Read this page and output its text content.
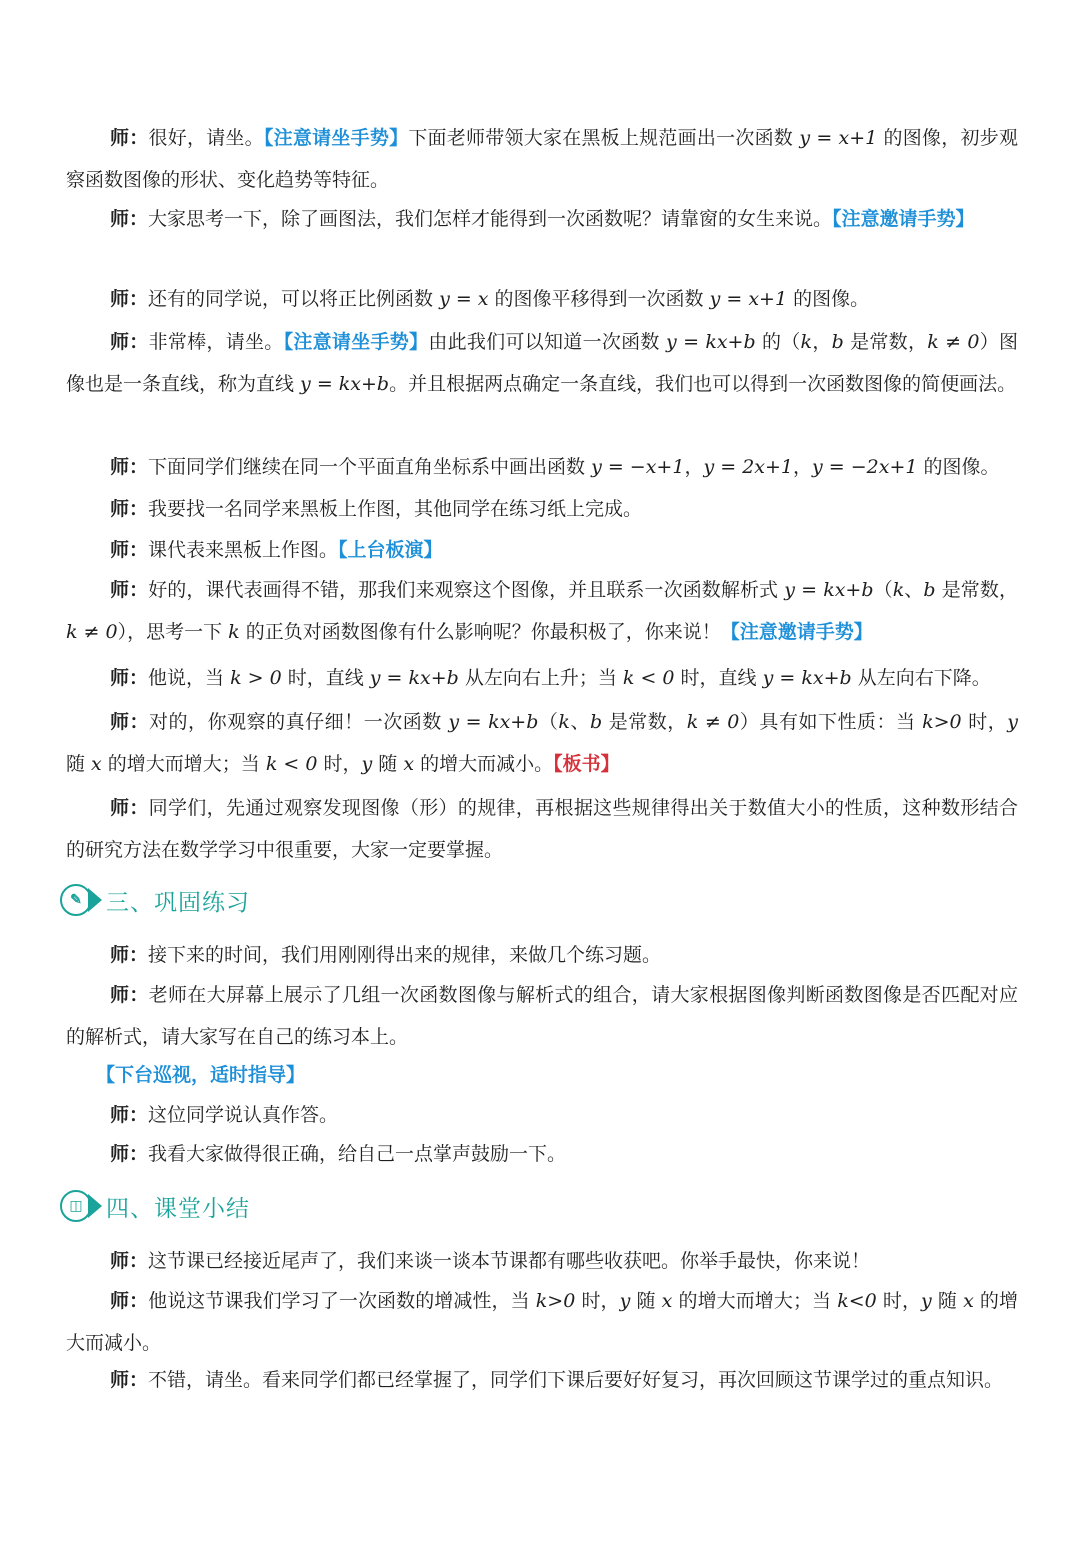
师：很好，请坐。【注意请坐手势】下面老师带领大家在黑板上规范画出一次函数 y = x+1 的图像，初步观察函数图像的形状、变化趋势等特征。

师：大家思考一下，除了画图法，我们怎样才能得到一次函数呢？请靠窗的女生来说。【注意邀请手势】

师：还有的同学说，可以将正比例函数 y = x 的图像平移得到一次函数 y = x+1 的图像。

师：非常棒，请坐。【注意请坐手势】由此我们可以知道一次函数 y = kx+b 的（k，b 是常数，k ≠ 0）图像也是一条直线，称为直线 y = kx+b。并且根据两点确定一条直线，我们也可以得到一次函数图像的简便画法。

师：下面同学们继续在同一个平面直角坐标系中画出函数 y = −x+1，y = 2x+1，y = −2x+1 的图像。

师：我要找一名同学来黑板上作图，其他同学在练习纸上完成。

师：课代表来黑板上作图。【上台板演】

师：好的，课代表画得不错，那我们来观察这个图像，并且联系一次函数解析式 y = kx+b（k、b 是常数，k ≠ 0），思考一下 k 的正负对函数图像有什么影响呢？你最积极了，你来说！【注意邀请手势】

师：他说，当 k > 0 时，直线 y = kx+b 从左向右上升；当 k < 0 时，直线 y = kx+b 从左向右下降。

师：对的，你观察的真仔细！一次函数 y = kx+b（k、b 是常数，k ≠ 0）具有如下性质：当 k>0 时，y 随 x 的增大而增大；当 k < 0 时，y 随 x 的增大而减小。【板书】

师：同学们，先通过观察发现图像（形）的规律，再根据这些规律得出关于数值大小的性质，这种数形结合的研究方法在数学学习中很重要，大家一定要掌握。

✎	三、巩固练习

师：接下来的时间，我们用刚刚得出来的规律，来做几个练习题。

师：老师在大屏幕上展示了几组一次函数图像与解析式的组合，请大家根据图像判断函数图像是否匹配对应的解析式，请大家写在自己的练习本上。

【下台巡视，适时指导】

师：这位同学说认真作答。

师：我看大家做得很正确，给自己一点掌声鼓励一下。

◫	四、课堂小结

师：这节课已经接近尾声了，我们来谈一谈本节课都有哪些收获吧。你举手最快，你来说！

师：他说这节课我们学习了一次函数的增减性，当 k>0 时，y 随 x 的增大而增大；当 k<0 时，y 随 x 的增大而减小。

师：不错，请坐。看来同学们都已经掌握了，同学们下课后要好好复习，再次回顾这节课学过的重点知识。
